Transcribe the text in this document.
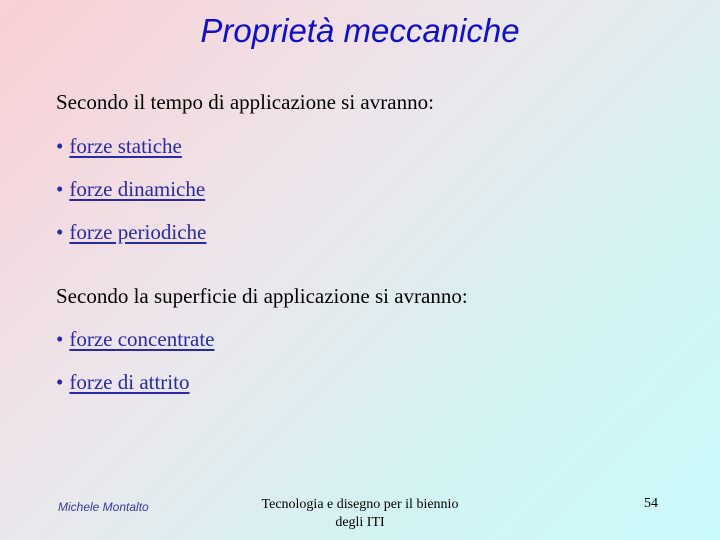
Proprietà meccaniche
Secondo il tempo di applicazione si avranno:
• forze statiche
• forze dinamiche
• forze periodiche
Secondo la superficie di applicazione si avranno:
• forze concentrate
• forze di attrito
Michele Montalto	Tecnologia e disegno per il biennio
degli ITI
54
